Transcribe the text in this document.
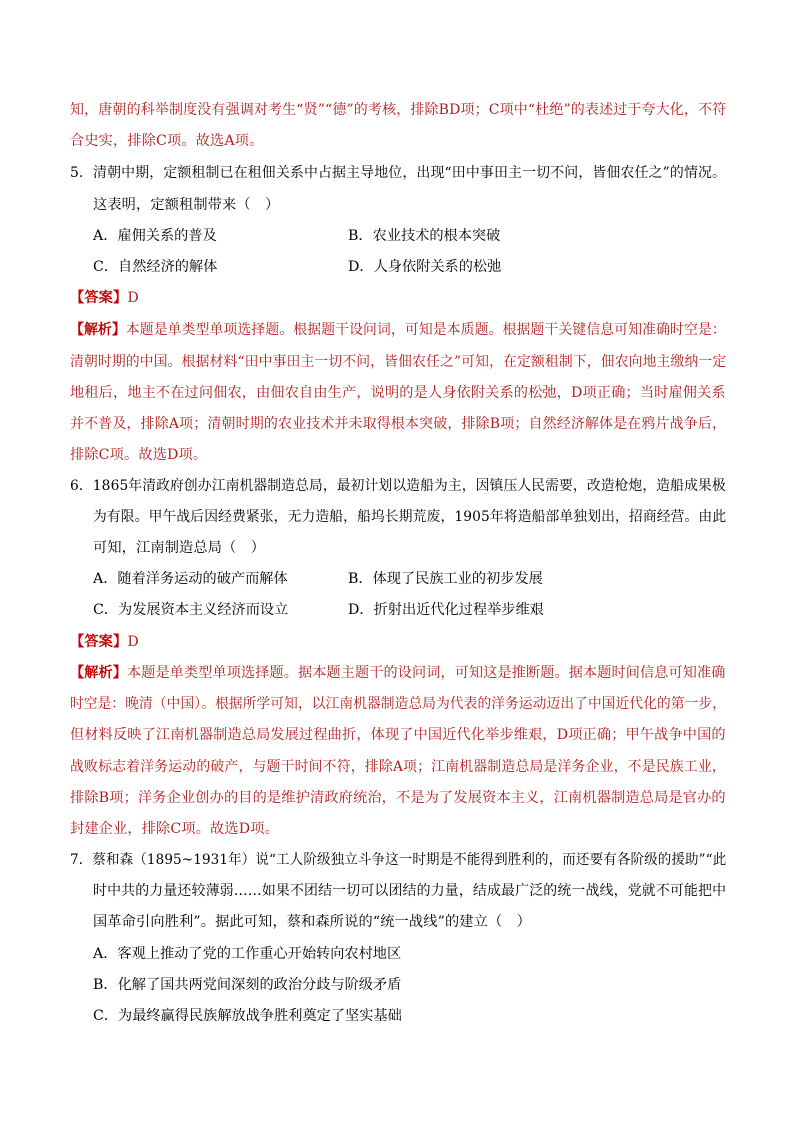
知，唐朝的科举制度没有强调对考生“贤”“德”的考核，排除BD项；C项中“杜绝”的表述过于夸大化，不符
合史实，排除C项。故选A项。
5．清朝中期，定额租制已在租佃关系中占据主导地位，出现“田中事田主一切不问，皆佃农任之”的情况。
这表明，定额租制带来（　）
A．雇佣关系的普及	B．农业技术的根本突破
C．自然经济的解体	D．人身依附关系的松弛
【答案】D
【解析】本题是单类型单项选择题。根据题干设问词，可知是本质题。根据题干关键信息可知准确时空是：
清朝时期的中国。根据材料“田中事田主一切不问，皆佃农任之”可知，在定额租制下，佃农向地主缴纳一定
地租后，地主不在过问佃农，由佃农自由生产，说明的是人身依附关系的松弛，D项正确；当时雇佣关系
并不普及，排除A项；清朝时期的农业技术并未取得根本突破，排除B项；自然经济解体是在鸦片战争后，
排除C项。故选D项。
6．1865年清政府创办江南机器制造总局，最初计划以造船为主，因镇压人民需要，改造枪炮，造船成果极
为有限。甲午战后因经费紧张，无力造船，船坞长期荒废，1905年将造船部单独划出，招商经营。由此
可知，江南制造总局（　）
A．随着洋务运动的破产而解体	B．体现了民族工业的初步发展
C．为发展资本主义经济而设立	D．折射出近代化过程举步维艰
【答案】D
【解析】本题是单类型单项选择题。据本题主题干的设问词，可知这是推断题。据本题时间信息可知准确
时空是：晚清（中国）。根据所学可知，以江南机器制造总局为代表的洋务运动迈出了中国近代化的第一步，
但材料反映了江南机器制造总局发展过程曲折，体现了中国近代化举步维艰，D项正确；甲午战争中国的
战败标志着洋务运动的破产，与题干时间不符，排除A项；江南机器制造总局是洋务企业，不是民族工业，
排除B项；洋务企业创办的目的是维护清政府统治，不是为了发展资本主义，江南机器制造总局是官办的
封建企业，排除C项。故选D项。
7．蔡和森（1895~1931年）说“工人阶级独立斗争这一时期是不能得到胜利的，而还要有各阶级的援助”“此
时中共的力量还较薄弱……如果不团结一切可以团结的力量，结成最广泛的统一战线，党就不可能把中
国革命引向胜利”。据此可知，蔡和森所说的“统一战线”的建立（　）
A．客观上推动了党的工作重心开始转向农村地区
B．化解了国共两党间深刻的政治分歧与阶级矛盾
C．为最终赢得民族解放战争胜利奠定了坚实基础
